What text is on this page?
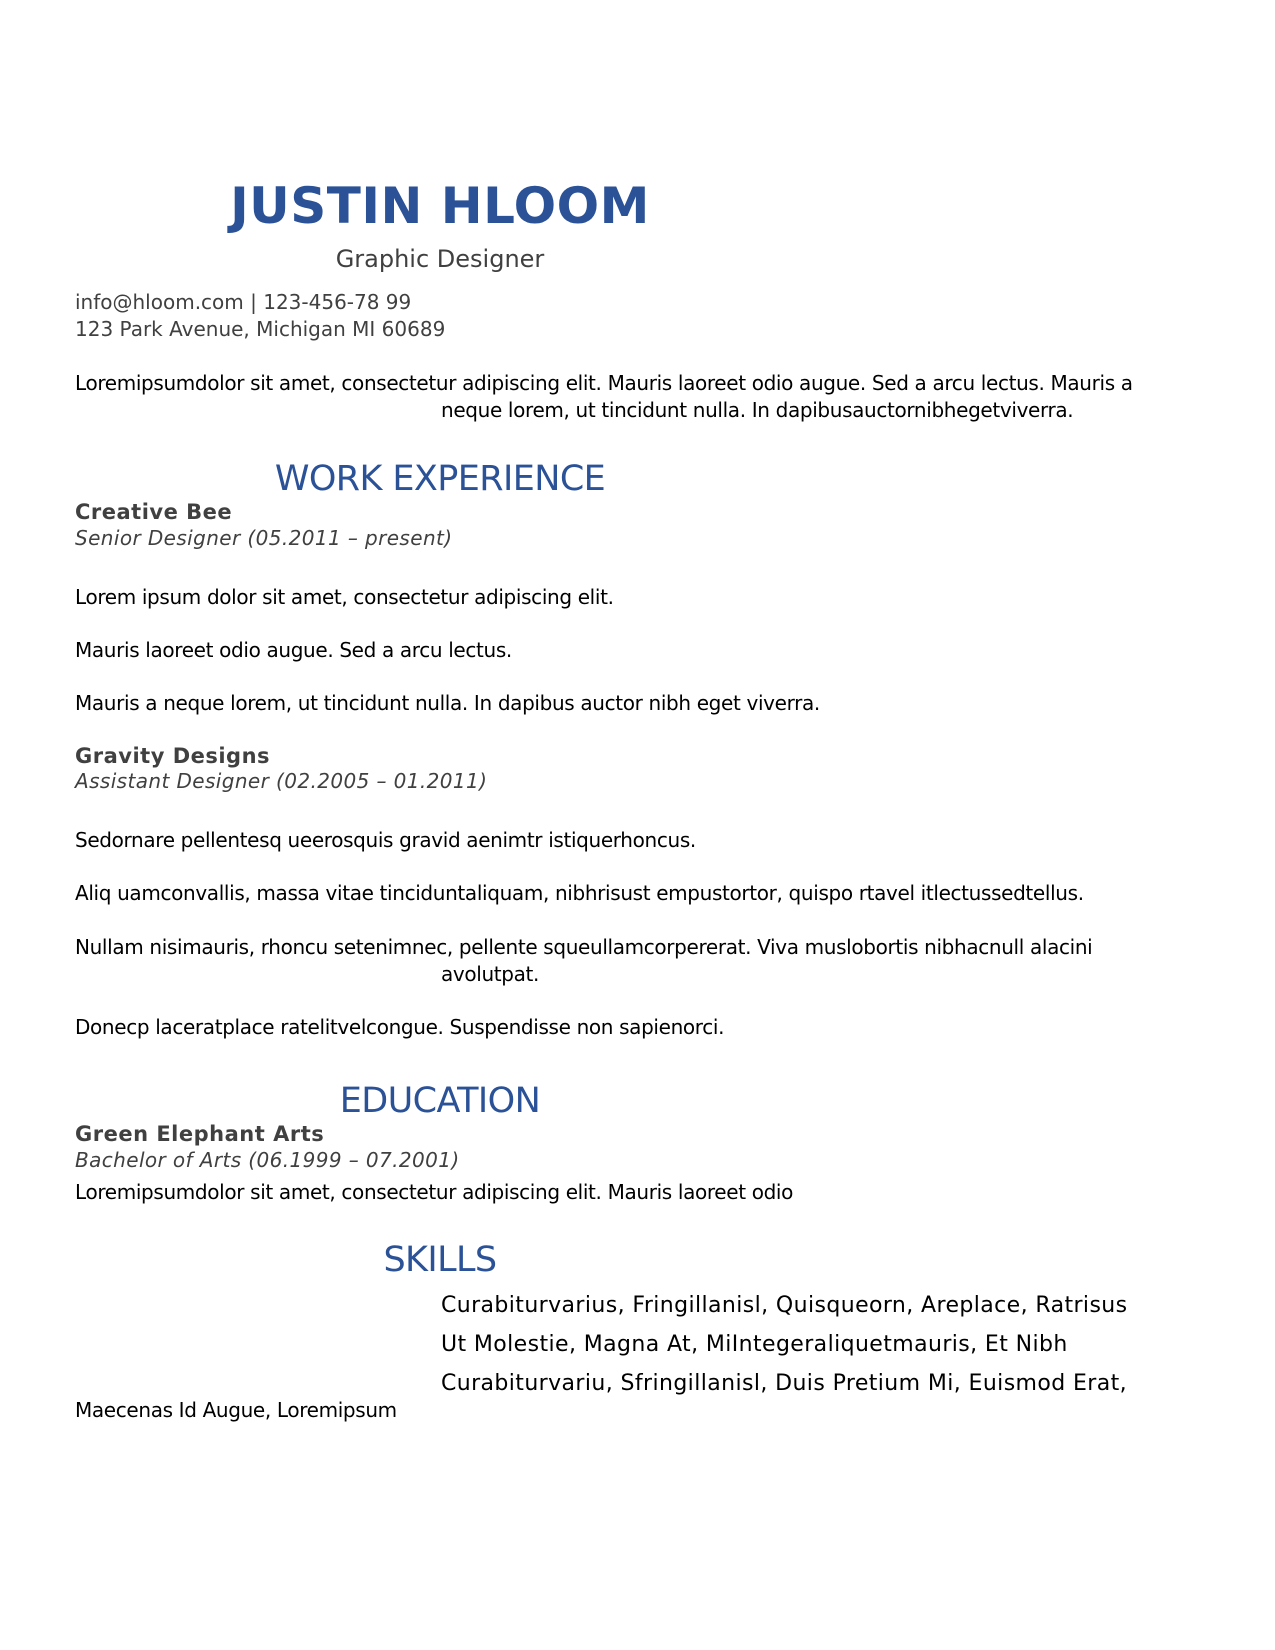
JUSTIN HLOOM
Graphic Designer
info@hloom.com | 123-456-78 99
123 Park Avenue, Michigan MI 60689
Loremipsumdolor sit amet, consectetur adipiscing elit. Mauris laoreet odio augue. Sed a arcu lectus. Mauris a
neque lorem, ut tincidunt nulla. In dapibusauctornibhegetviverra.
WORK EXPERIENCE
Creative Bee
Senior Designer (05.2011 – present)
Lorem ipsum dolor sit amet, consectetur adipiscing elit.
Mauris laoreet odio augue. Sed a arcu lectus.
Mauris a neque lorem, ut tincidunt nulla. In dapibus auctor nibh eget viverra.
Gravity Designs
Assistant Designer (02.2005 – 01.2011)
Sedornare pellentesq ueerosquis gravid aenimtr istiquerhoncus.
Aliq uamconvallis, massa vitae tinciduntaliquam, nibhrisust empustortor, quispo rtavel itlectussedtellus.
Nullam nisimauris, rhoncu setenimnec, pellente squeullamcorpererat. Viva muslobortis nibhacnull alacini
avolutpat.
Donecp laceratplace ratelitvelcongue. Suspendisse non sapienorci.
EDUCATION
Green Elephant Arts
Bachelor of Arts (06.1999 – 07.2001)
Loremipsumdolor sit amet, consectetur adipiscing elit. Mauris laoreet odio
SKILLS
Curabiturvarius, Fringillanisl, Quisqueorn, Areplace, Ratrisus
Ut Molestie, Magna At, MiIntegeraliquetmauris, Et Nibh
Curabiturvariu, Sfringillanisl, Duis Pretium Mi, Euismod Erat,
Maecenas Id Augue, Loremipsum
